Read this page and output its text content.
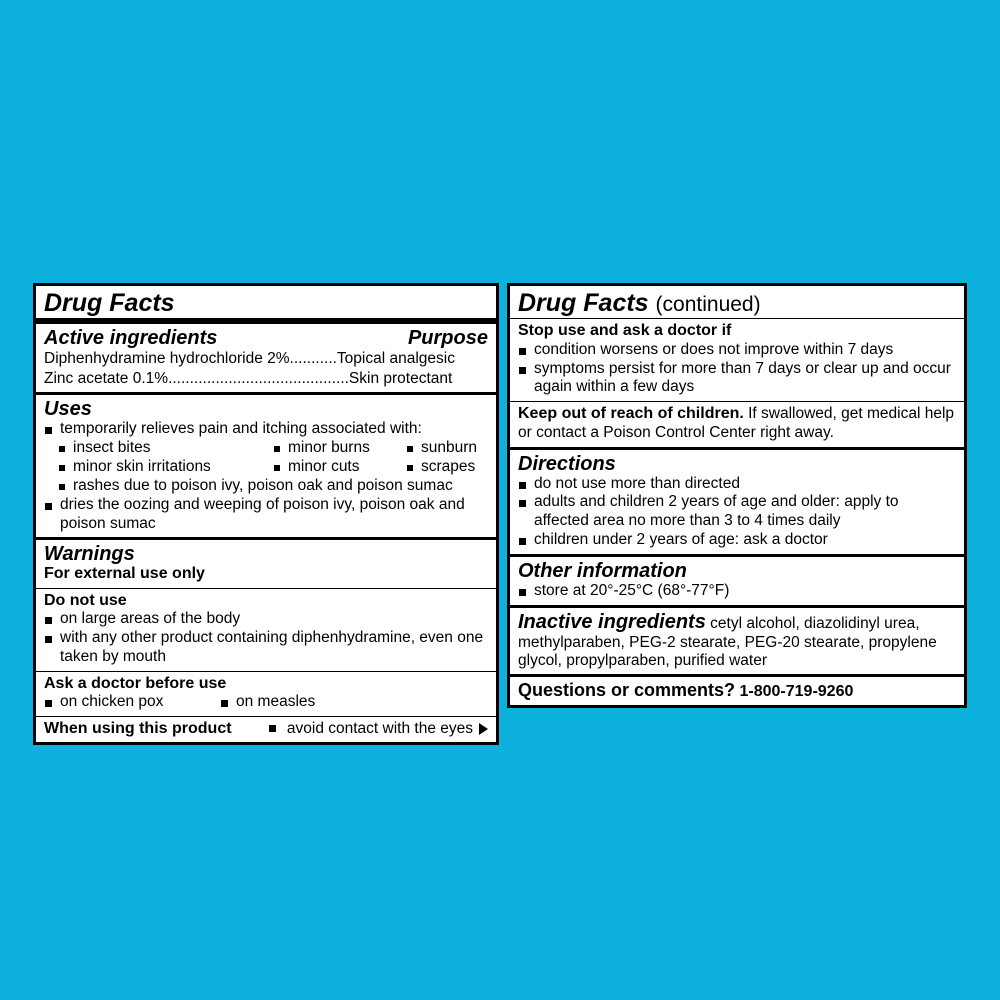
Drug Facts
Active ingredients	Purpose
Diphenhydramine hydrochloride 2%...........Topical analgesic
Zinc acetate 0.1%..........................................Skin protectant
Uses
temporarily relieves pain and itching associated with:
insect bites	minor burns	sunburn
minor skin irritations	minor cuts	scrapes
rashes due to poison ivy, poison oak and poison sumac
dries the oozing and weeping of poison ivy, poison oak and poison sumac
Warnings
For external use only
Do not use
on large areas of the body
with any other product containing diphenhydramine, even one taken by mouth
Ask a doctor before use
on chicken pox	on measles
When using this product	avoid contact with the eyes
Drug Facts (continued)
Stop use and ask a doctor if
condition worsens or does not improve within 7 days
symptoms persist for more than 7 days or clear up and occur again within a few days
Keep out of reach of children. If swallowed, get medical help or contact a Poison Control Center right away.
Directions
do not use more than directed
adults and children 2 years of age and older: apply to affected area no more than 3 to 4 times daily
children under 2 years of age: ask a doctor
Other information
store at 20°-25°C (68°-77°F)
Inactive ingredients cetyl alcohol, diazolidinyl urea, methylparaben, PEG-2 stearate, PEG-20 stearate, propylene glycol, propylparaben, purified water
Questions or comments? 1-800-719-9260
